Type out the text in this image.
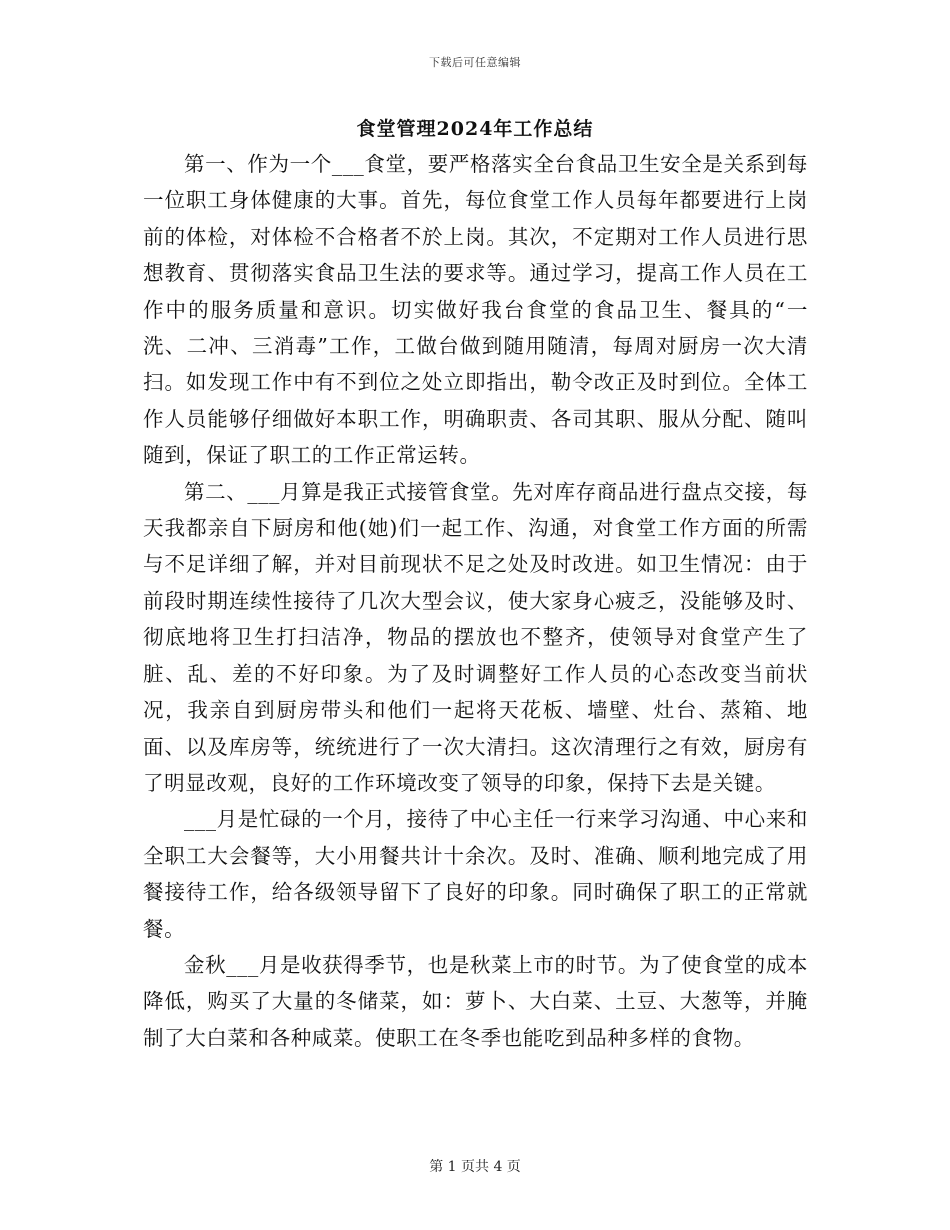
下载后可任意编辑
食堂管理2024年工作总结

第一、作为一个___食堂，要严格落实全台食品卫生安全是关系到每一位职工身体健康的大事。首先，每位食堂工作人员每年都要进行上岗前的体检，对体检不合格者不於上岗。其次，不定期对工作人员进行思想教育、贯彻落实食品卫生法的要求等。通过学习，提高工作人员在工作中的服务质量和意识。切实做好我台食堂的食品卫生、餐具的“一洗、二冲、三消毒”工作，工做台做到随用随清，每周对厨房一次大清扫。如发现工作中有不到位之处立即指出，勒令改正及时到位。全体工作人员能够仔细做好本职工作，明确职责、各司其职、服从分配、随叫随到，保证了职工的工作正常运转。

第二、___月算是我正式接管食堂。先对库存商品进行盘点交接，每天我都亲自下厨房和他(她)们一起工作、沟通，对食堂工作方面的所需与不足详细了解，并对目前现状不足之处及时改进。如卫生情况：由于前段时期连续性接待了几次大型会议，使大家身心疲乏，没能够及时、彻底地将卫生打扫洁净，物品的摆放也不整齐，使领导对食堂产生了脏、乱、差的不好印象。为了及时调整好工作人员的心态改变当前状况，我亲自到厨房带头和他们一起将天花板、墙壁、灶台、蒸箱、地面、以及库房等，统统进行了一次大清扫。这次清理行之有效，厨房有了明显改观，良好的工作环境改变了领导的印象，保持下去是关键。

___月是忙碌的一个月，接待了中心主任一行来学习沟通、中心来和全职工大会餐等，大小用餐共计十余次。及时、准确、顺利地完成了用餐接待工作，给各级领导留下了良好的印象。同时确保了职工的正常就餐。

金秋___月是收获得季节，也是秋菜上市的时节。为了使食堂的成本降低，购买了大量的冬储菜，如：萝卜、大白菜、土豆、大葱等，并腌制了大白菜和各种咸菜。使职工在冬季也能吃到品种多样的食物。

第 1 页共 4 页
